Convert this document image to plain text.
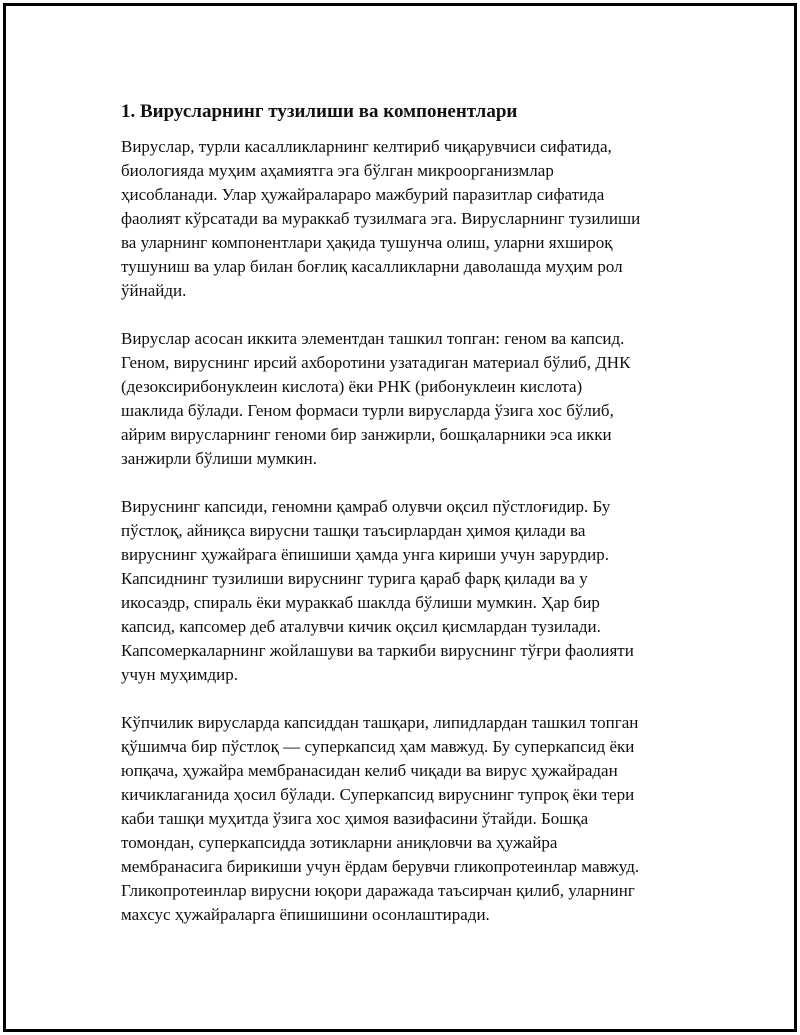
1. Вирусларнинг тузилиши ва компонентлари

Вируслар, турли касалликларнинг келтириб чиқарувчиси сифатида,
биологияда муҳим аҳамиятга эга бўлган микроорганизмлар
ҳисобланади. Улар ҳужайралараро мажбурий паразитлар сифатида
фаолият кўрсатади ва мураккаб тузилмага эга. Вирусларнинг тузилиши
ва уларнинг компонентлари ҳақида тушунча олиш, уларни яхшироқ
тушуниш ва улар билан боғлиқ касалликларни даволашда муҳим рол
ўйнайди.

Вируслар асосан иккита элементдан ташкил топган: геном ва капсид.
Геном, вируснинг ирсий ахборотини узатадиган материал бўлиб, ДНК
(дезоксирибонуклеин кислота) ёки РНК (рибонуклеин кислота)
шаклида бўлади. Геном формаси турли вирусларда ўзига хос бўлиб,
айрим вирусларнинг геноми бир занжирли, бошқаларники эса икки
занжирли бўлиши мумкин.

Вируснинг капсиди, геномни қамраб олувчи оқсил пўстлоғидир. Бу
пўстлоқ, айниқса вирусни ташқи таъсирлардан ҳимоя қилади ва
вируснинг ҳужайрага ёпишиши ҳамда унга кириши учун зарурдир.
Капсиднинг тузилиши вируснинг турига қараб фарқ қилади ва у
икосаэдр, спираль ёки мураккаб шаклда бўлиши мумкин. Ҳар бир
капсид, капсомер деб аталувчи кичик оқсил қисмлардан тузилади.
Капсомеркаларнинг жойлашуви ва таркиби вируснинг тўғри фаолияти
учун муҳимдир.

Кўпчилик вирусларда капсиддан ташқари, липидлардан ташкил топган
қўшимча бир пўстлоқ — суперкапсид ҳам мавжуд. Бу суперкапсид ёки
юпқача, ҳужайра мембранасидан келиб чиқади ва вирус ҳужайрадан
кичиклаганида ҳосил бўлади. Суперкапсид вируснинг тупроқ ёки тери
каби ташқи муҳитда ўзига хос ҳимоя вазифасини ўтайди. Бошқа
томондан, суперкапсидда зотикларни аниқловчи ва ҳужайра
мембранасига бирикиши учун ёрдам берувчи гликопротеинлар мавжуд.
Гликопротеинлар вирусни юқори даражада таъсирчан қилиб, уларнинг
махсус ҳужайраларга ёпишишини осонлаштиради.
